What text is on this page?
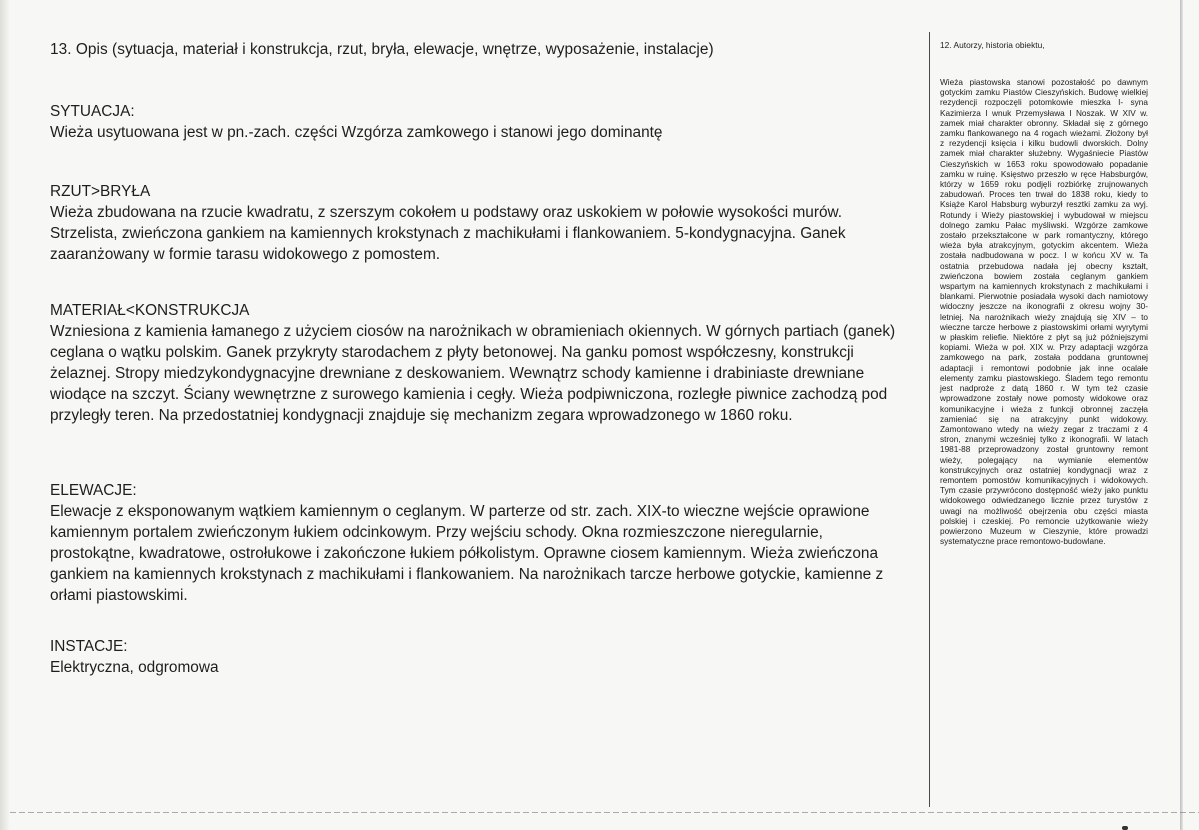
13. Opis (sytuacja, materiał i konstrukcja, rzut, bryła, elewacje, wnętrze, wyposażenie, instalacje)

SYTUACJA:
Wieża usytuowana jest w pn.-zach. części Wzgórza zamkowego i stanowi jego dominantę
RZUT>BRYŁA
Wieża zbudowana na rzucie kwadratu, z szerszym cokołem u podstawy oraz uskokiem w połowie wysokości murów. Strzelista, zwieńczona gankiem na kamiennych krokstynach z machikułami i flankowaniem. 5-kondygnacyjna. Ganek zaaranżowany w formie tarasu widokowego z pomostem.
MATERIAŁ<KONSTRUKCJA
Wzniesiona z kamienia łamanego z użyciem ciosów na narożnikach w obramieniach okiennych. W górnych partiach (ganek) ceglana o wątku polskim. Ganek przykryty starodachem z płyty betonowej. Na ganku pomost współczesny, konstrukcji żelaznej. Stropy miedzykondygnacyjne drewniane z deskowaniem. Wewnątrz schody kamienne i drabiniaste drewniane wiodące na szczyt. Ściany wewnętrzne z surowego kamienia i cegły. Wieża podpiwniczona, rozległe piwnice zachodzą pod przyległy teren. Na przedostatniej kondygnacji znajduje się mechanizm zegara wprowadzonego w 1860 roku.
ELEWACJE:
Elewacje z eksponowanym wątkiem kamiennym o ceglanym. W parterze od str. zach. XIX-to wieczne wejście oprawione kamiennym portalem zwieńczonym łukiem odcinkowym. Przy wejściu schody. Okna rozmieszczone nieregularnie, prostokątne, kwadratowe, ostrołukowe i zakończone łukiem półkolistym. Oprawne ciosem kamiennym. Wieża zwieńczona gankiem na kamiennych krokstynach z machikułami i flankowaniem. Na narożnikach tarcze herbowe gotyckie, kamienne z orłami piastowskimi.
INSTACJE:
Elektryczna, odgromowa
12. Autorzy, historia obiektu,
Wieża piastowska stanowi pozostałość po dawnym gotyckim zamku Piastów Cieszyńskich. Budowę wielkiej rezydencji rozpoczęli potomkowie mieszka I- syna Kazimierza I wnuk Przemysława I Noszak. W XIV w. zamek miał charakter obronny. Składał się z górnego zamku flankowanego na 4 rogach wieżami. Złożony był z rezydencji księcia i kilku budowli dworskich. Dolny zamek miał charakter służebny. Wygaśniecie Piastów Cieszyńskich w 1653 roku spowodowało popadanie zamku w ruinę. Księstwo przeszło w ręce Habsburgów, którzy w 1659 roku podjęli rozbiórkę zrujnowanych zabudowań. Proces ten trwał do 1838 roku, kiedy to Książe Karol Habsburg wyburzył resztki zamku za wyj. Rotundy i Wieży piastowskiej i wybudował w miejscu dolnego zamku Pałac myśliwski. Wzgórze zamkowe zostało przekształcone w park romantyczny, którego wieża była atrakcyjnym, gotyckim akcentem. Wieża została nadbudowana w pocz. I w końcu XV w. Ta ostatnia przebudowa nadała jej obecny kształt, zwieńczona bowiem została ceglanym gankiem wspartym na kamiennych krokstynach z machikułami i blankami. Pierwotnie posiadała wysoki dach namiotowy widoczny jeszcze na ikonografii z okresu wojny 30-letniej. Na narożnikach wieży znajdują się XIV – to wieczne tarcze herbowe z piastowskimi orłami wyrytymi w płaskim reliefie. Niektóre z płyt są już późniejszymi kopiami. Wieża w poł. XIX w. Przy adaptacji wzgórza zamkowego na park, została poddana gruntownej adaptacji i remontowi podobnie jak inne ocalałe elementy zamku piastowskiego. Śladem tego remontu jest nadproże z datą 1860 r. W tym też czasie wprowadzone zostały nowe pomosty widokowe oraz komunikacyjne i wieża z funkcji obronnej zaczęła zamieniać się na atrakcyjny punkt widokowy. Zamontowano wtedy na wieży zegar z traczami z 4 stron, znanymi wcześniej tylko z ikonografii. W latach 1981-88 przeprowadzony został gruntowny remont wieży, polegający na wymianie elementów konstrukcyjnych oraz ostatniej kondygnacji wraz z remontem pomostów komunikacyjnych i widokowych. Tym czasie przywrócono dostępność wieży jako punktu widokowego odwiedzanego licznie przez turystów z uwagi na możliwość obejrzenia obu części miasta polskiej i czeskiej. Po remoncie użytkowanie wieży powierzono Muzeum w Cieszynie, które prowadzi systematyczne prace remontowo-budowlane.
